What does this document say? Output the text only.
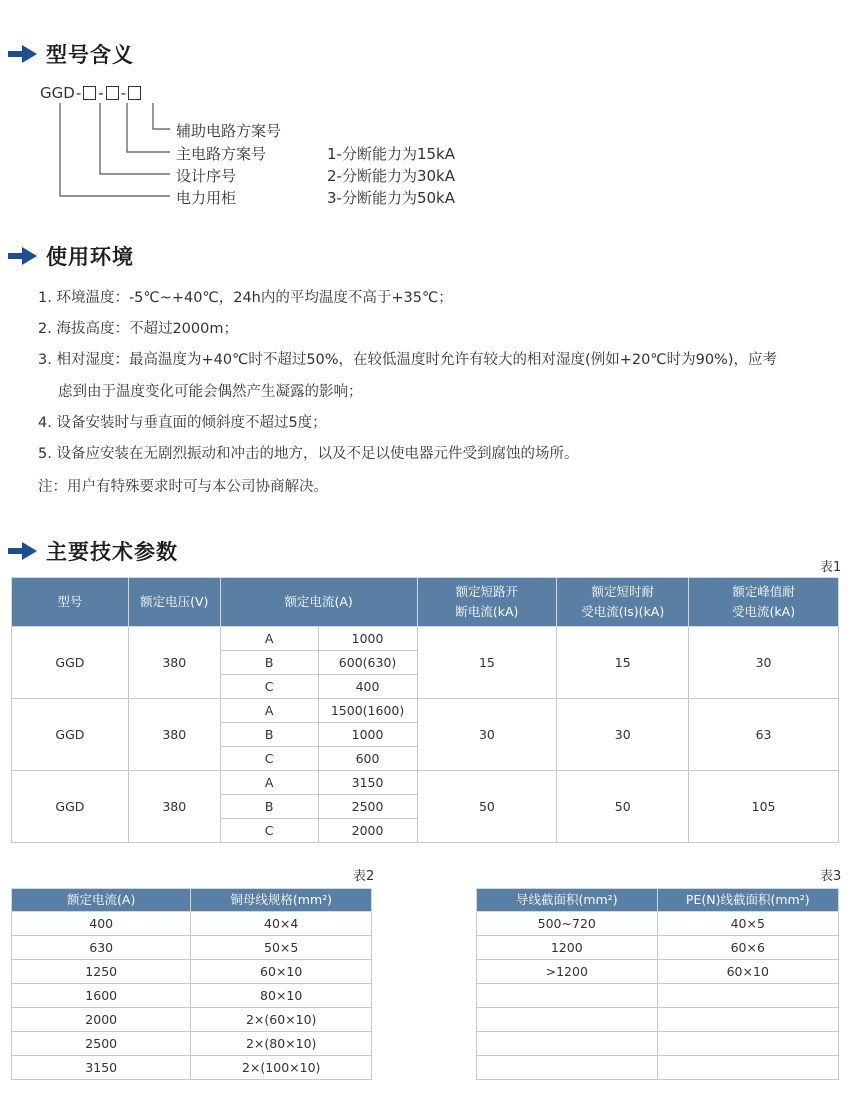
型号含义
GGD - - -
辅助电路方案号
主电路方案号
设计序号
电力用柜
1-分断能力为15kA
2-分断能力为30kA
3-分断能力为50kA
使用环境
1. 环境温度：-5℃~+40℃，24h内的平均温度不高于+35℃；
2. 海拔高度：不超过2000m；
3. 相对湿度：最高温度为+40℃时不超过50%，在较低温度时允许有较大的相对湿度(例如+20℃时为90%)，应考
虑到由于温度变化可能会偶然产生凝露的影响；
4. 设备安装时与垂直面的倾斜度不超过5度；
5. 设备应安装在无剧烈振动和冲击的地方，以及不足以使电器元件受到腐蚀的场所。
注：用户有特殊要求时可与本公司协商解决。
主要技术参数
表1
型号	额定电压(V)	额定电流(A)		额定短路开
断电流(kA)	额定短时耐
受电流(Is)(kA)	额定峰值耐
受电流(kA)
GGD	380	A	1000	15	15	30
		B	600(630)			
		C	400			
GGD	380	A	1500(1600)	30	30	63
		B	1000			
		C	600			
GGD	380	A	3150	50	50	105
		B	2500			
		C	2000			
表2	表3
额定电流(A)	铜母线规格(mm²)
400	40×4
630	50×5
1250	60×10
1600	80×10
2000	2×(60×10)
2500	2×(80×10)
3150	2×(100×10)
导线截面积(mm²)	PE(N)线截面积(mm²)
500~720	40×5
1200	60×6
>1200	60×10
